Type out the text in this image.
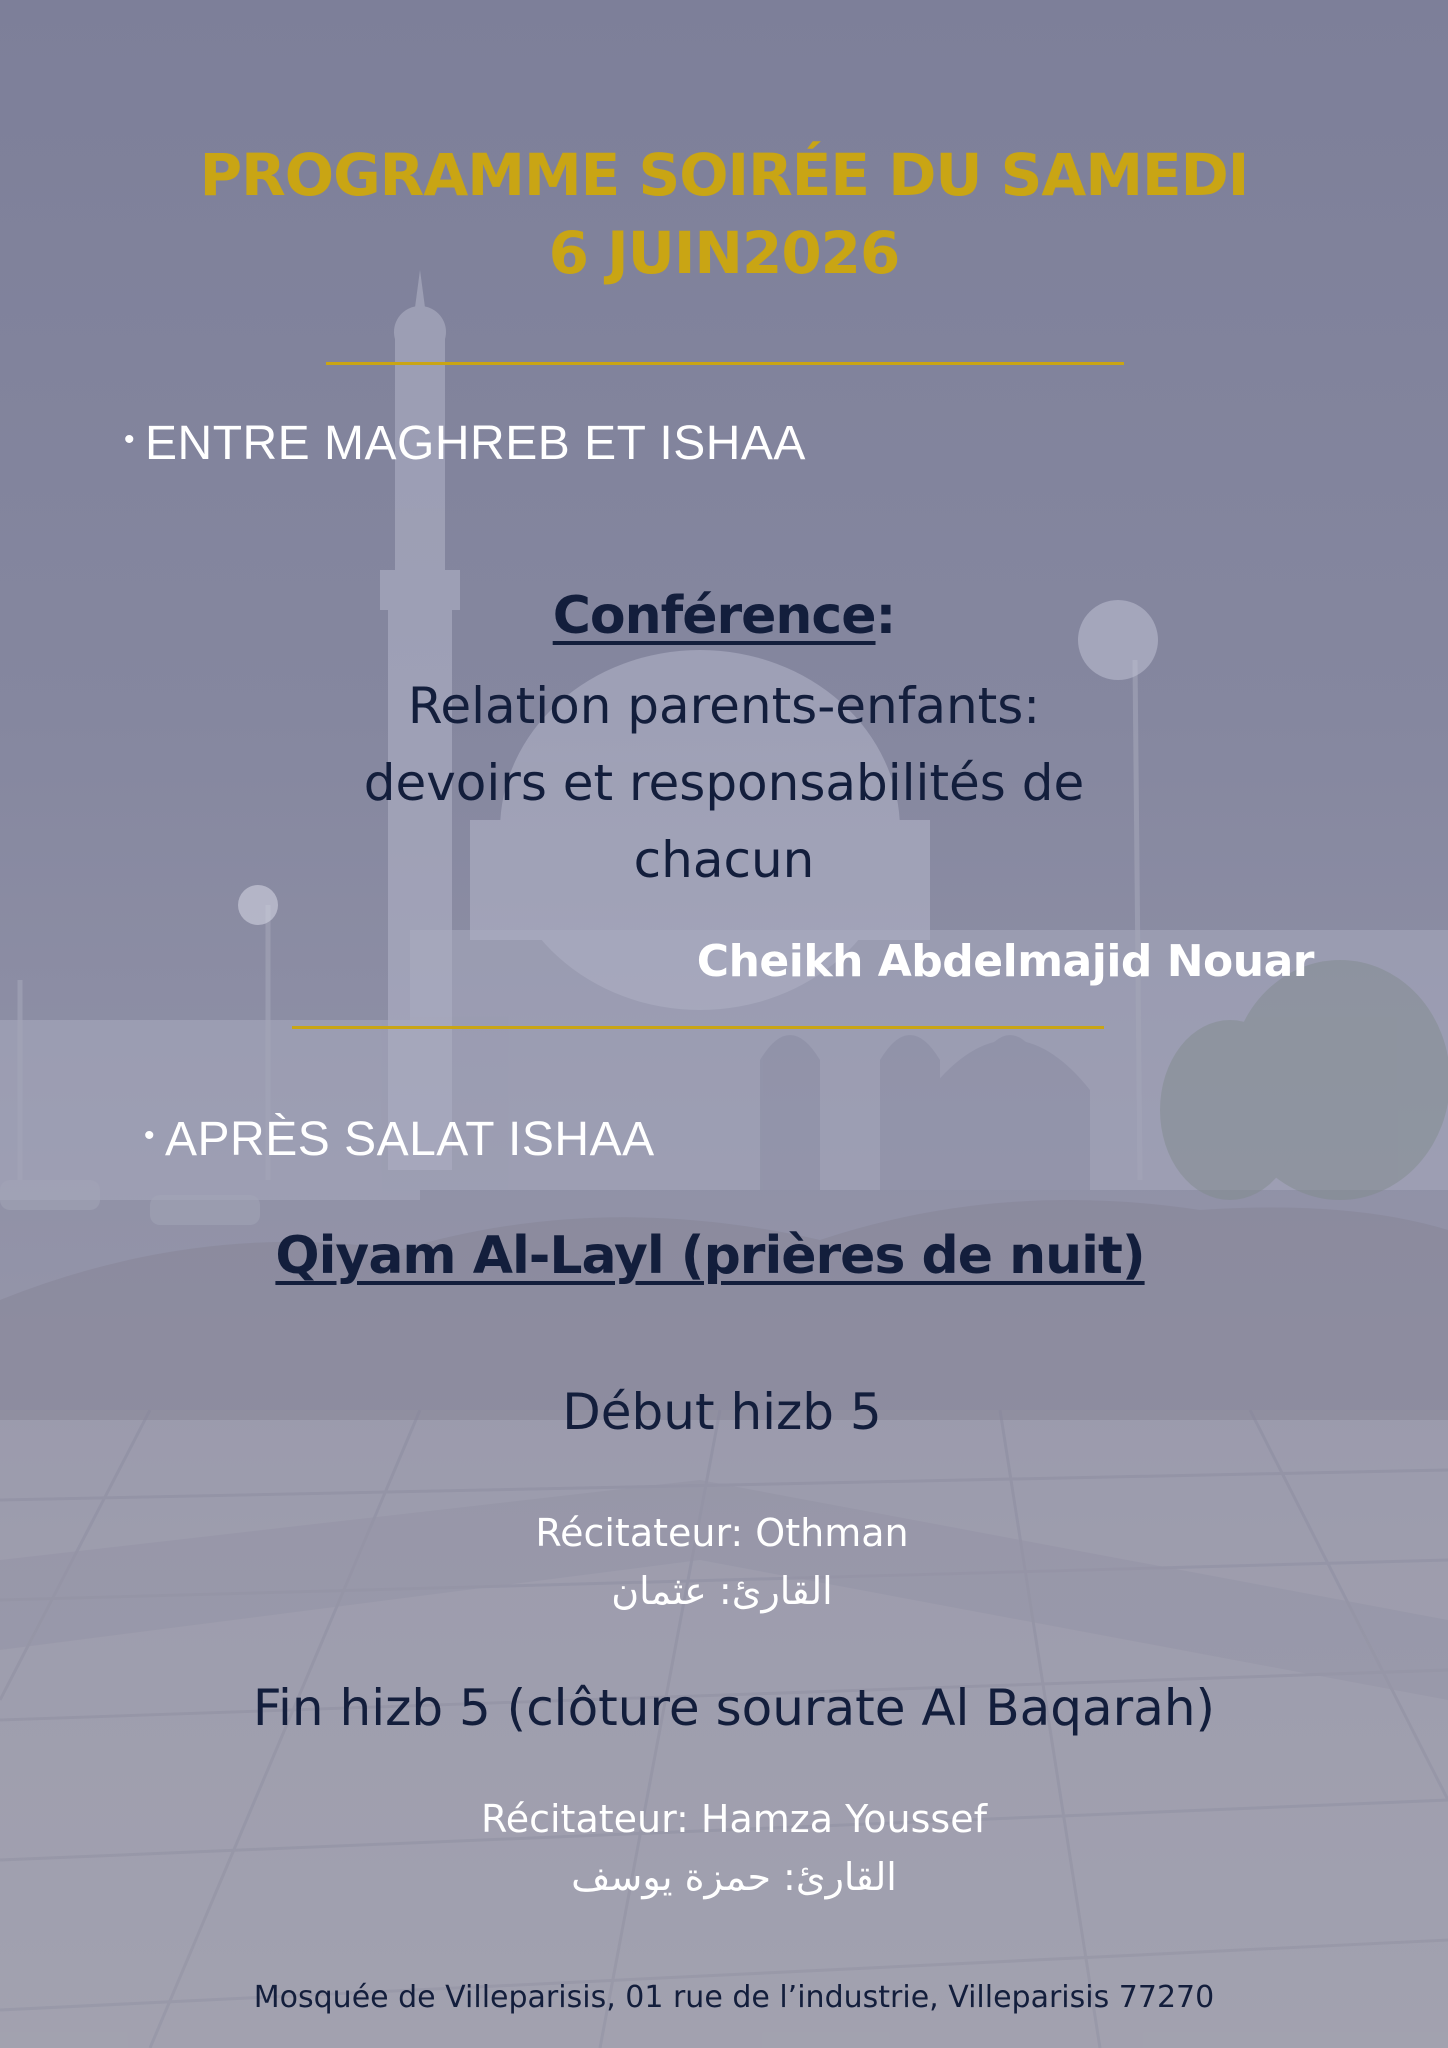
PROGRAMME SOIRÉE DU SAMEDI
6 JUIN2026
• ENTRE MAGHREB ET ISHAA
Conférence:
Relation parents-enfants:
devoirs et responsabilités de
chacun
Cheikh Abdelmajid Nouar
• APRÈS SALAT ISHAA
Qiyam Al-Layl (prières de nuit)
Début hizb 5
Récitateur: Othman
القارئ: عثمان
Fin hizb 5 (clôture sourate Al Baqarah)
Récitateur: Hamza Youssef
القارئ: حمزة يوسف
Mosquée de Villeparisis, 01 rue de l’industrie, Villeparisis 77270
